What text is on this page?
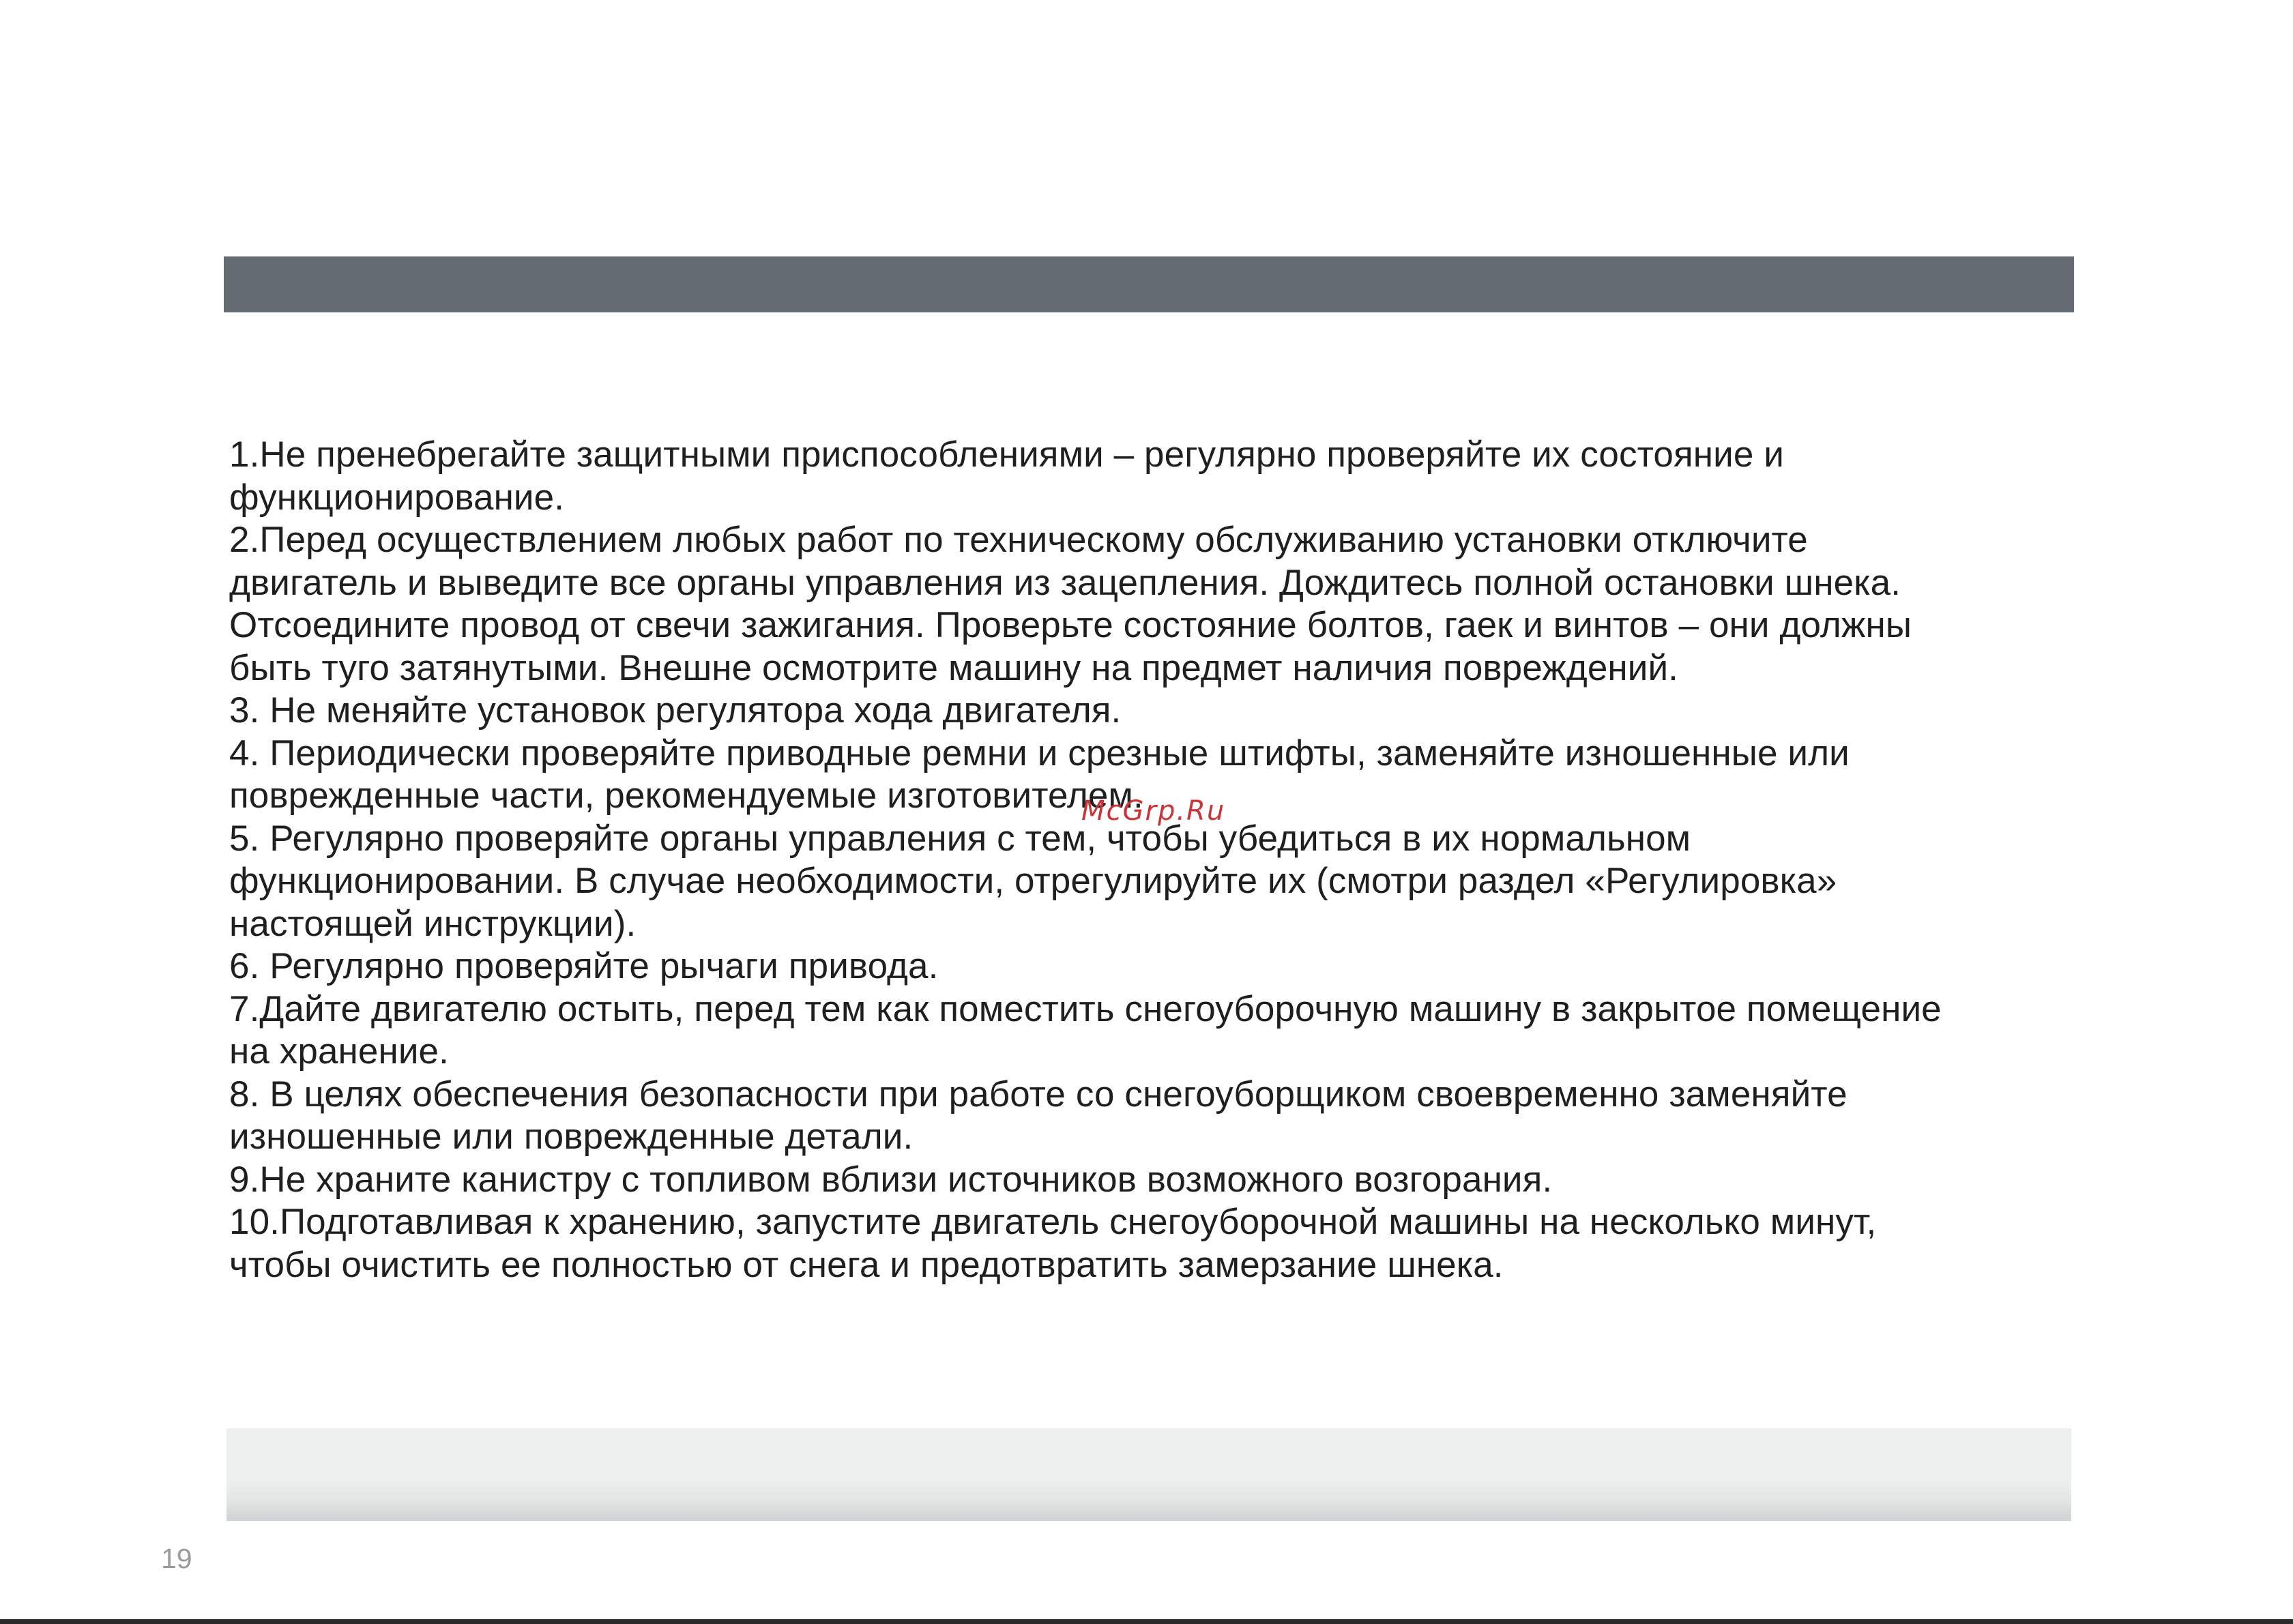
1.Не пренебрегайте защитными приспособлениями – регулярно проверяйте их состояние и
функционирование.
2.Перед осуществлением любых работ по техническому обслуживанию установки отключите
двигатель и выведите все органы управления из зацепления. Дождитесь полной остановки шнека.
Отсоедините провод от свечи зажигания. Проверьте состояние болтов, гаек и винтов – они должны
быть туго затянутыми. Внешне осмотрите машину на предмет наличия повреждений.
3. Не меняйте установок регулятора хода двигателя.
4. Периодически проверяйте приводные ремни и срезные штифты, заменяйте изношенные или
поврежденные части, рекомендуемые изготовителем.
5. Регулярно проверяйте органы управления с тем, чтобы убедиться в их нормальном
функционировании. В случае необходимости, отрегулируйте их (смотри раздел «Регулировка»
настоящей инструкции).
6. Регулярно проверяйте рычаги привода.
7.Дайте двигателю остыть, перед тем как поместить снегоуборочную машину в закрытое помещение
на хранение.
8. В целях обеспечения безопасности при работе со снегоуборщиком своевременно заменяйте
изношенные или поврежденные детали.
9.Не храните канистру с топливом вблизи источников возможного возгорания.
10.Подготавливая к хранению, запустите двигатель снегоуборочной машины на несколько минут,
чтобы очистить ее полностью от снега и предотвратить замерзание шнека.
McGrp.Ru
19
